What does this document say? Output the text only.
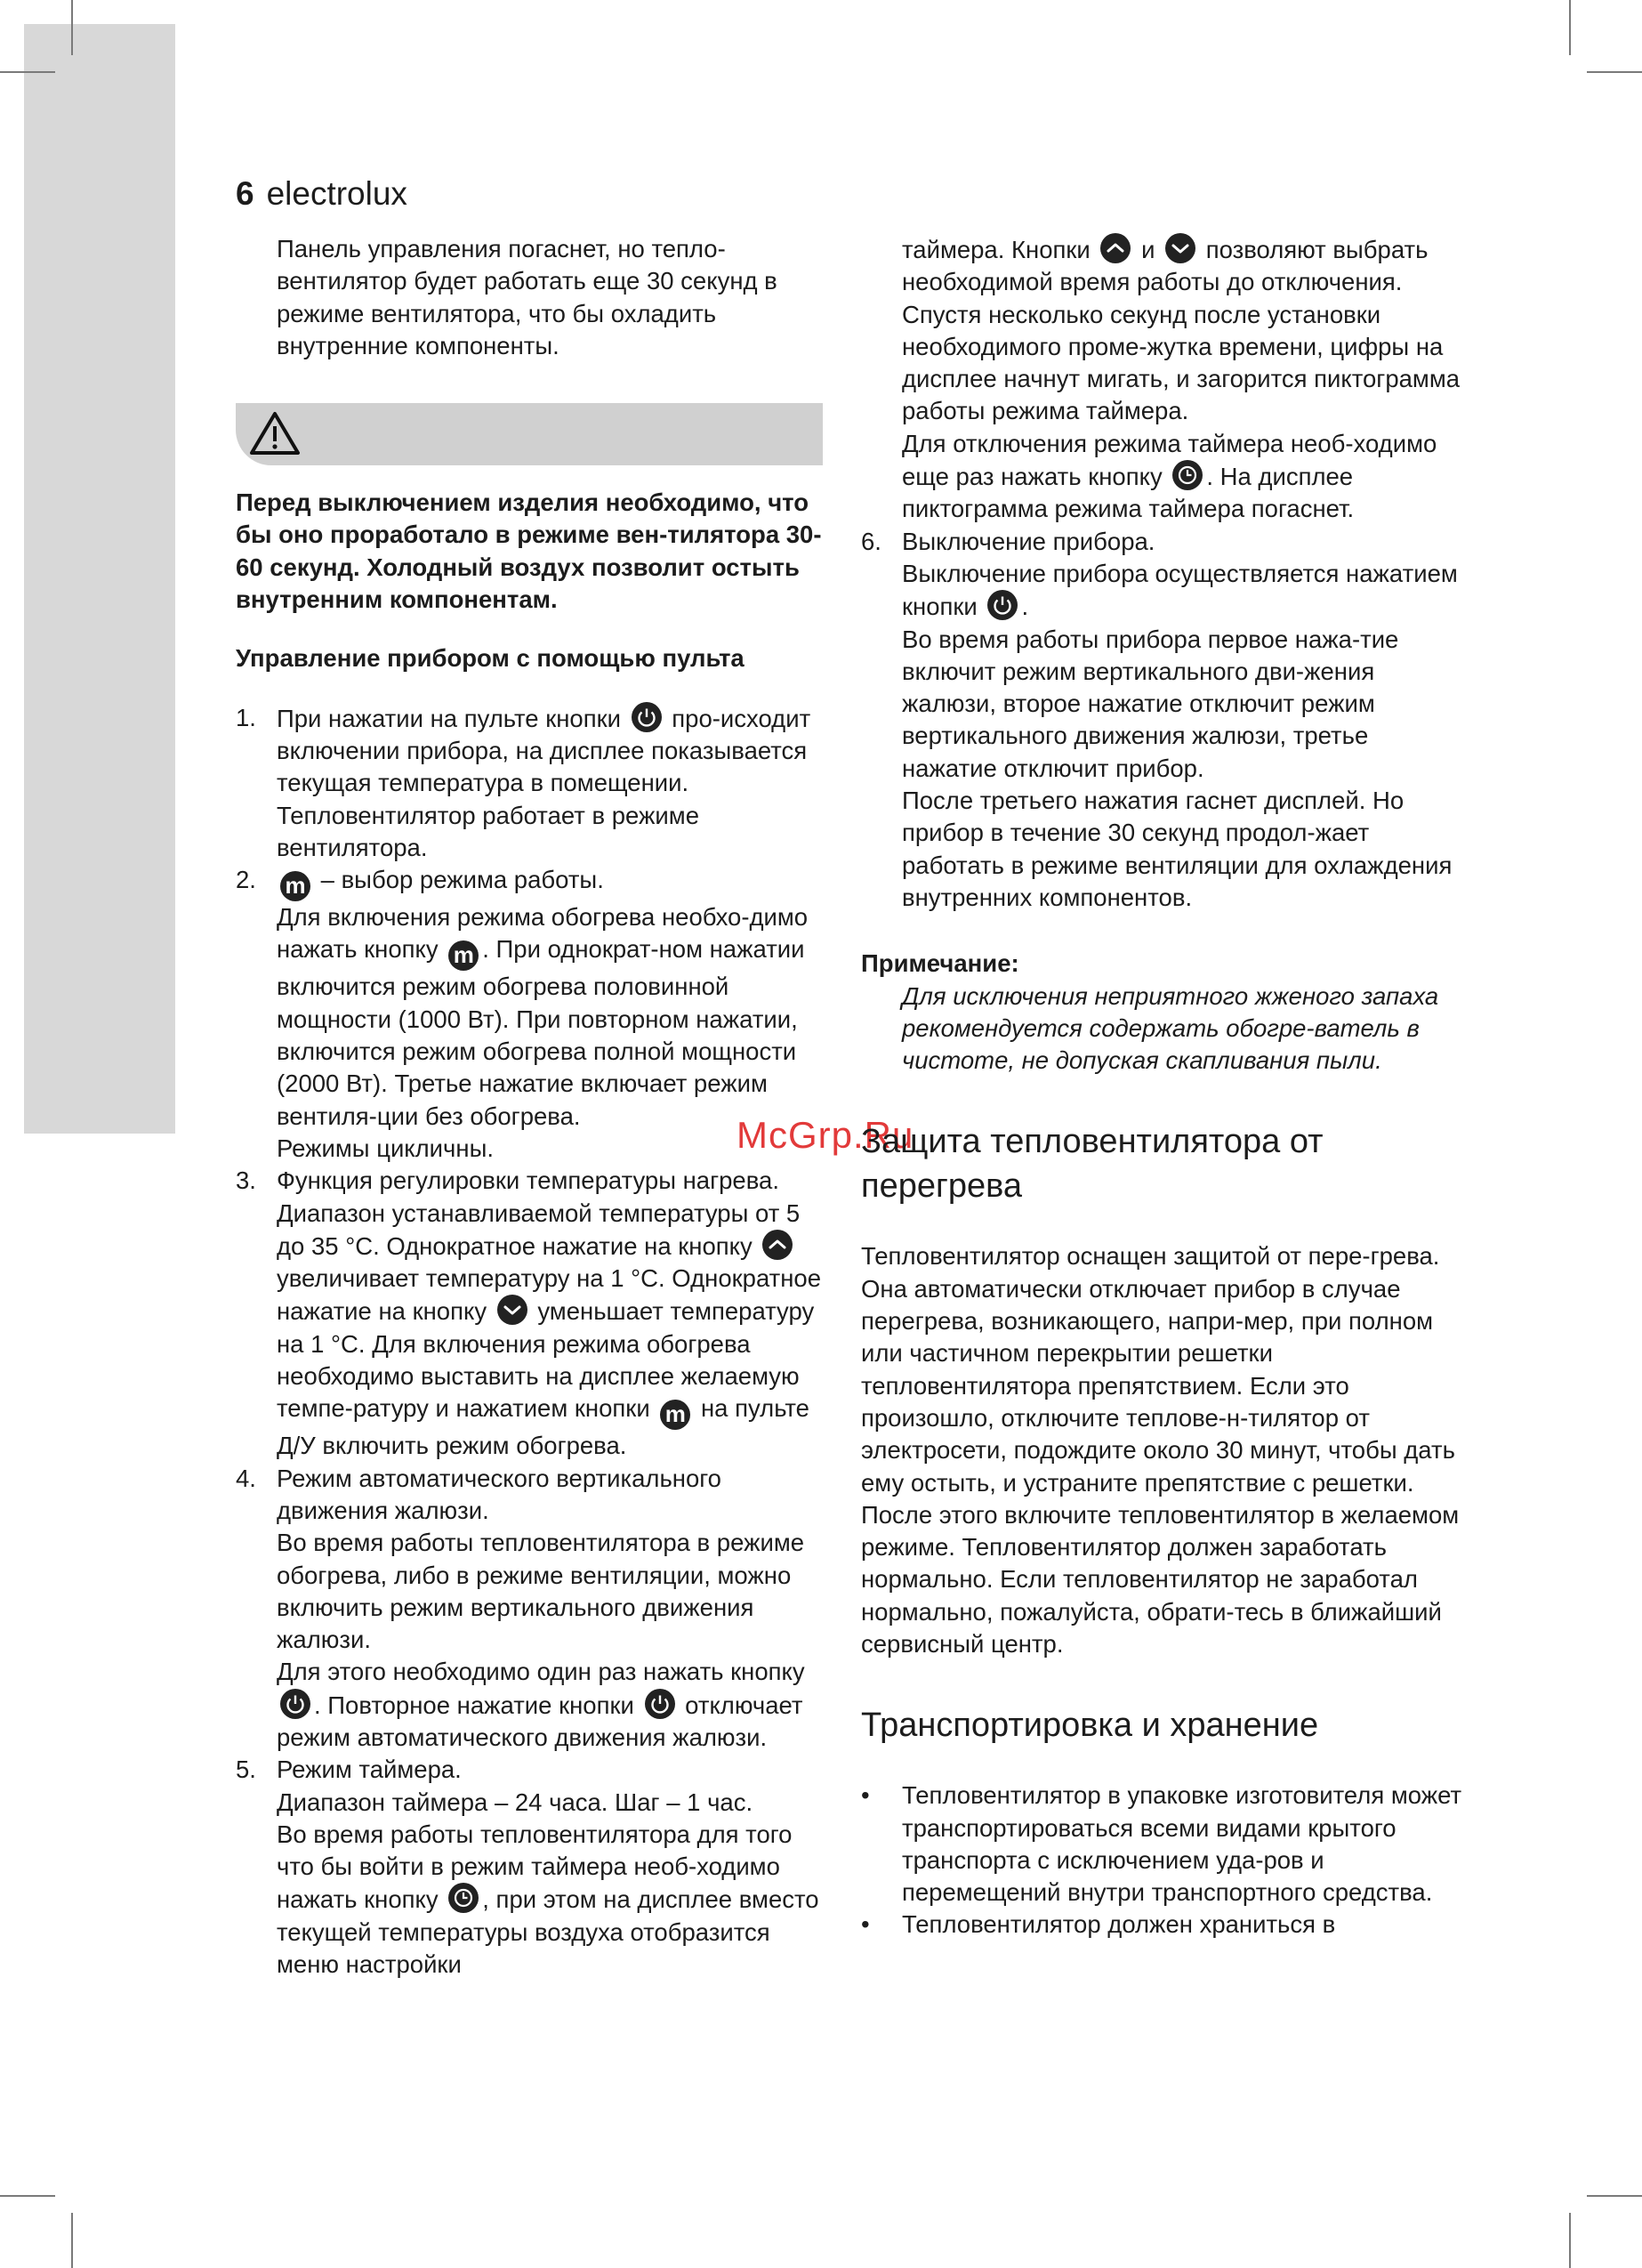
6 electrolux
McGrp.Ru

Панель управления погаснет, но тепло-вентилятор будет работать еще 30 секунд в режиме вентилятора, что бы охладить внутренние компоненты.

Перед выключением изделия необходимо, что бы оно проработало в режиме вен-тилятора 30-60 секунд. Холодный воздух позволит остыть внутренним компонентам.

Управление прибором с помощью пульта

1. При нажатии на пульте кнопки про-исходит включении прибора, на дисплее показывается текущая температура в помещении. Тепловентилятор работает в режиме вентилятора.
2. m – выбор режима работы.
Для включения режима обогрева необхо-димо нажать кнопку m . При однократ-ном нажатии включится режим обогрева половинной мощности (1000 Вт). При повторном нажатии, включится режим обогрева полной мощности (2000 Вт). Третье нажатие включает режим вентиля-ции без обогрева.
Режимы цикличны.
3. Функция регулировки температуры нагрева.
Диапазон устанавливаемой температуры от 5 до 35 °С. Однократное нажатие на кнопку
увеличивает температуру на 1 °С. Однократное нажатие на кнопку уменьшает температуру на 1 °С. Для включения режима обогрева необходимо выставить на дисплее желаемую темпе-ратуру и нажатием кнопки m на пульте Д/У включить режим обогрева.
4. Режим автоматического вертикального движения жалюзи.
Во время работы тепловентилятора в режиме обогрева, либо в режиме вентиляции, можно включить режим вертикального движения жалюзи.
Для этого необходимо один раз нажать кнопку
. Повторное нажатие кнопки отключает режим автоматического движения жалюзи.
5. Режим таймера.
Диапазон таймера – 24 часа. Шаг – 1 час.
Во время работы тепловентилятора для того что бы войти в режим таймера необ-ходимо нажать кнопку , при этом на дисплее вместо текущей температуры воздуха отобразится меню настройки
таймера. Кнопки и позволяют выбрать необходимой время работы до отключения. Спустя несколько секунд после установки необходимого проме-жутка времени, цифры на дисплее начнут мигать, и загорится пиктограмма работы режима таймера.
Для отключения режима таймера необ-ходимо еще раз нажать кнопку . На дисплее пиктограмма режима таймера погаснет.
6. Выключение прибора.
Выключение прибора осуществляется нажатием кнопки .
Во время работы прибора первое нажа-тие включит режим вертикального дви-жения жалюзи, второе нажатие отключит режим вертикального движения жалюзи, третье нажатие отключит прибор.
После третьего нажатия гаснет дисплей. Но прибор в течение 30 секунд продол-жает работать в режиме вентиляции для охлаждения внутренних компонентов.

Примечание:

Для исключения неприятного жженого запаха рекомендуется содержать обогре-ватель в чистоте, не допуская скапливания пыли.

Защита тепловентилятора от перегрева

Тепловентилятор оснащен защитой от пере-грева. Она автоматически отключает прибор в случае перегрева, возникающего, напри-мер, при полном или частичном перекрытии решетки тепловентилятора препятствием. Если это произошло, отключите теплове-н-тилятор от электросети, подождите около 30 минут, чтобы дать ему остыть, и устраните препятствие с решетки.

После этого включите тепловентилятор в желаемом режиме. Тепловентилятор должен заработать нормально. Если тепловентилятор не заработал нормально, пожалуйста, обрати-тесь в ближайший сервисный центр.

Транспортировка и хранение
• Тепловентилятор в упаковке изготовителя может транспортироваться всеми видами крытого транспорта с исключением уда-ров и перемещений внутри транспортного средства.
• Тепловентилятор должен храниться в
